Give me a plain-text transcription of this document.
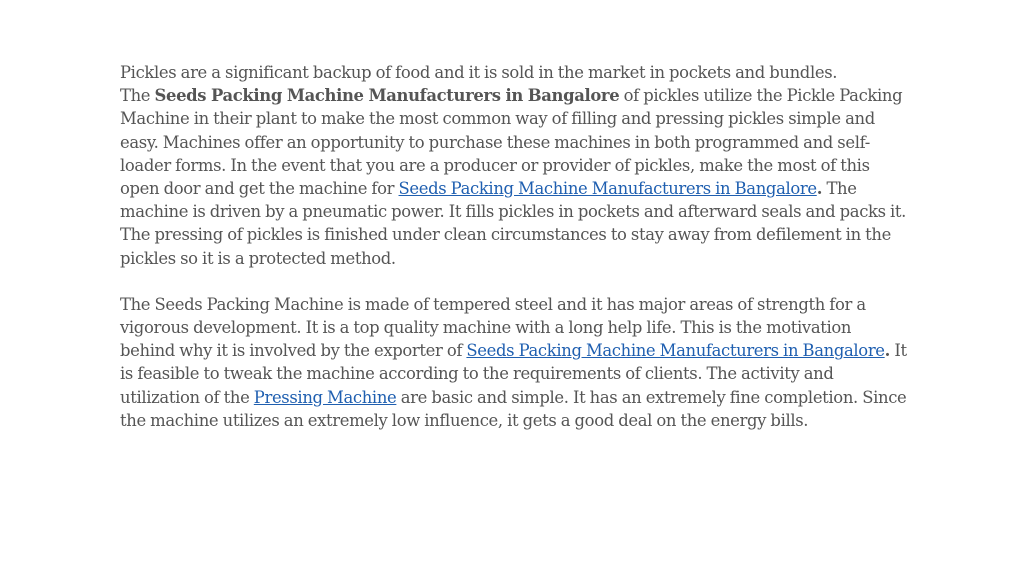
Pickles are a significant backup of food and it is sold in the market in pockets and bundles.
The Seeds Packing Machine Manufacturers in Bangalore of pickles utilize the Pickle Packing
Machine in their plant to make the most common way of filling and pressing pickles simple and
easy. Machines offer an opportunity to purchase these machines in both programmed and self-
loader forms. In the event that you are a producer or provider of pickles, make the most of this
open door and get the machine for Seeds Packing Machine Manufacturers in Bangalore. The
machine is driven by a pneumatic power. It fills pickles in pockets and afterward seals and packs it.
The pressing of pickles is finished under clean circumstances to stay away from defilement in the
pickles so it is a protected method.

The Seeds Packing Machine is made of tempered steel and it has major areas of strength for a
vigorous development. It is a top quality machine with a long help life. This is the motivation
behind why it is involved by the exporter of Seeds Packing Machine Manufacturers in Bangalore. It
is feasible to tweak the machine according to the requirements of clients. The activity and
utilization of the Pressing Machine are basic and simple. It has an extremely fine completion. Since
the machine utilizes an extremely low influence, it gets a good deal on the energy bills.
